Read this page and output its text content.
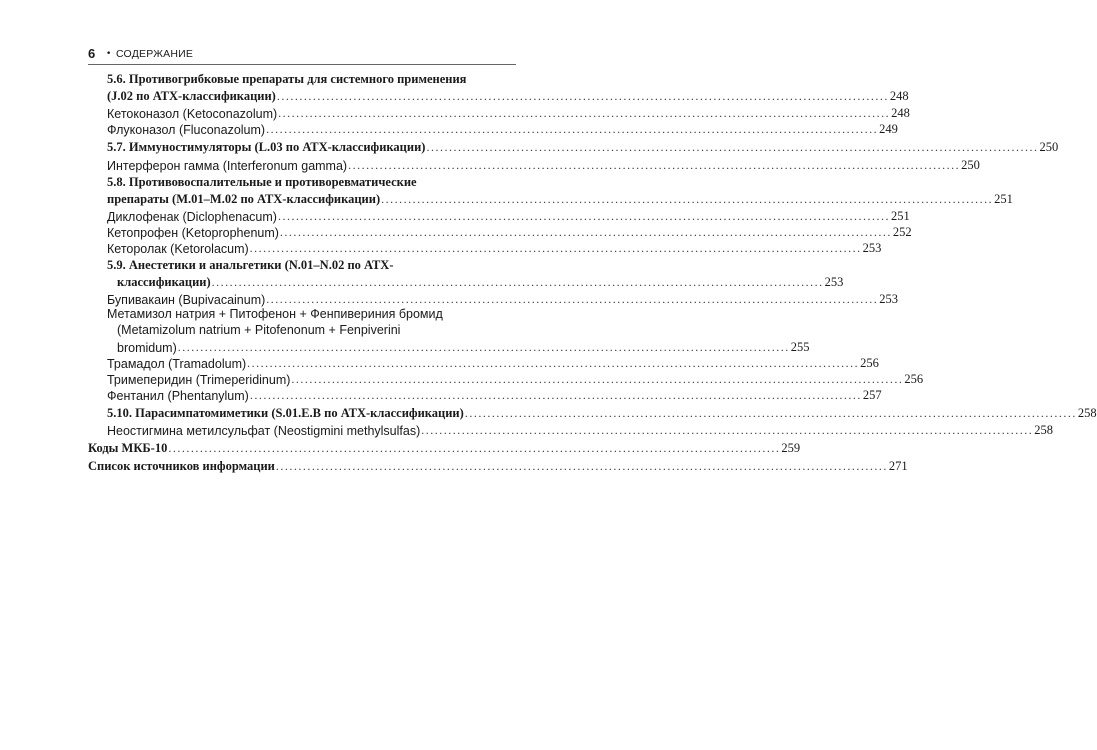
6 • СОДЕРЖАНИЕ
5.6. Противогрибковые препараты для системного применения
(J.02 по АТХ-классификации) ........................................................................................................................................ 248
Кетоконазол (Ketoconazolum) ........................................................................................................................................ 248
Флуконазол (Fluconazolum) ........................................................................................................................................ 249
5.7. Иммуностимуляторы (L.03 по АТХ-классификации) ........................................................................................................................................ 250
Интерферон гамма (Interferonum gamma) ........................................................................................................................................ 250
5.8. Противовоспалительные и противоревматические
препараты (M.01–M.02 по АТХ-классификации) ........................................................................................................................................ 251
Диклофенак (Diclophenacum) ........................................................................................................................................ 251
Кетопрофен (Ketoprophenum) ........................................................................................................................................ 252
Кеторолак (Ketorolacum) ........................................................................................................................................ 253
5.9. Анестетики и анальгетики (N.01–N.02 по АТХ-
классификации) ........................................................................................................................................ 253
Бупивакаин (Bupivacainum) ........................................................................................................................................ 253
Метамизол натрия + Питофенон + Фенпивериния бромид
(Metamizolum natrium + Pitofenonum + Fenpiverini
bromidum) ........................................................................................................................................ 255
Трамадол (Tramadolum) ........................................................................................................................................ 256
Тримеперидин (Trimeperidinum) ........................................................................................................................................ 256
Фентанил (Phentanylum) ........................................................................................................................................ 257
5.10. Парасимпатомиметики (S.01.E.B по АТХ-классификации) ........................................................................................................................................ 258
Неостигмина метилсульфат (Neostigmini methylsulfas) ........................................................................................................................................ 258
Коды МКБ-10 ........................................................................................................................................ 259
Список источников информации ........................................................................................................................................ 271
